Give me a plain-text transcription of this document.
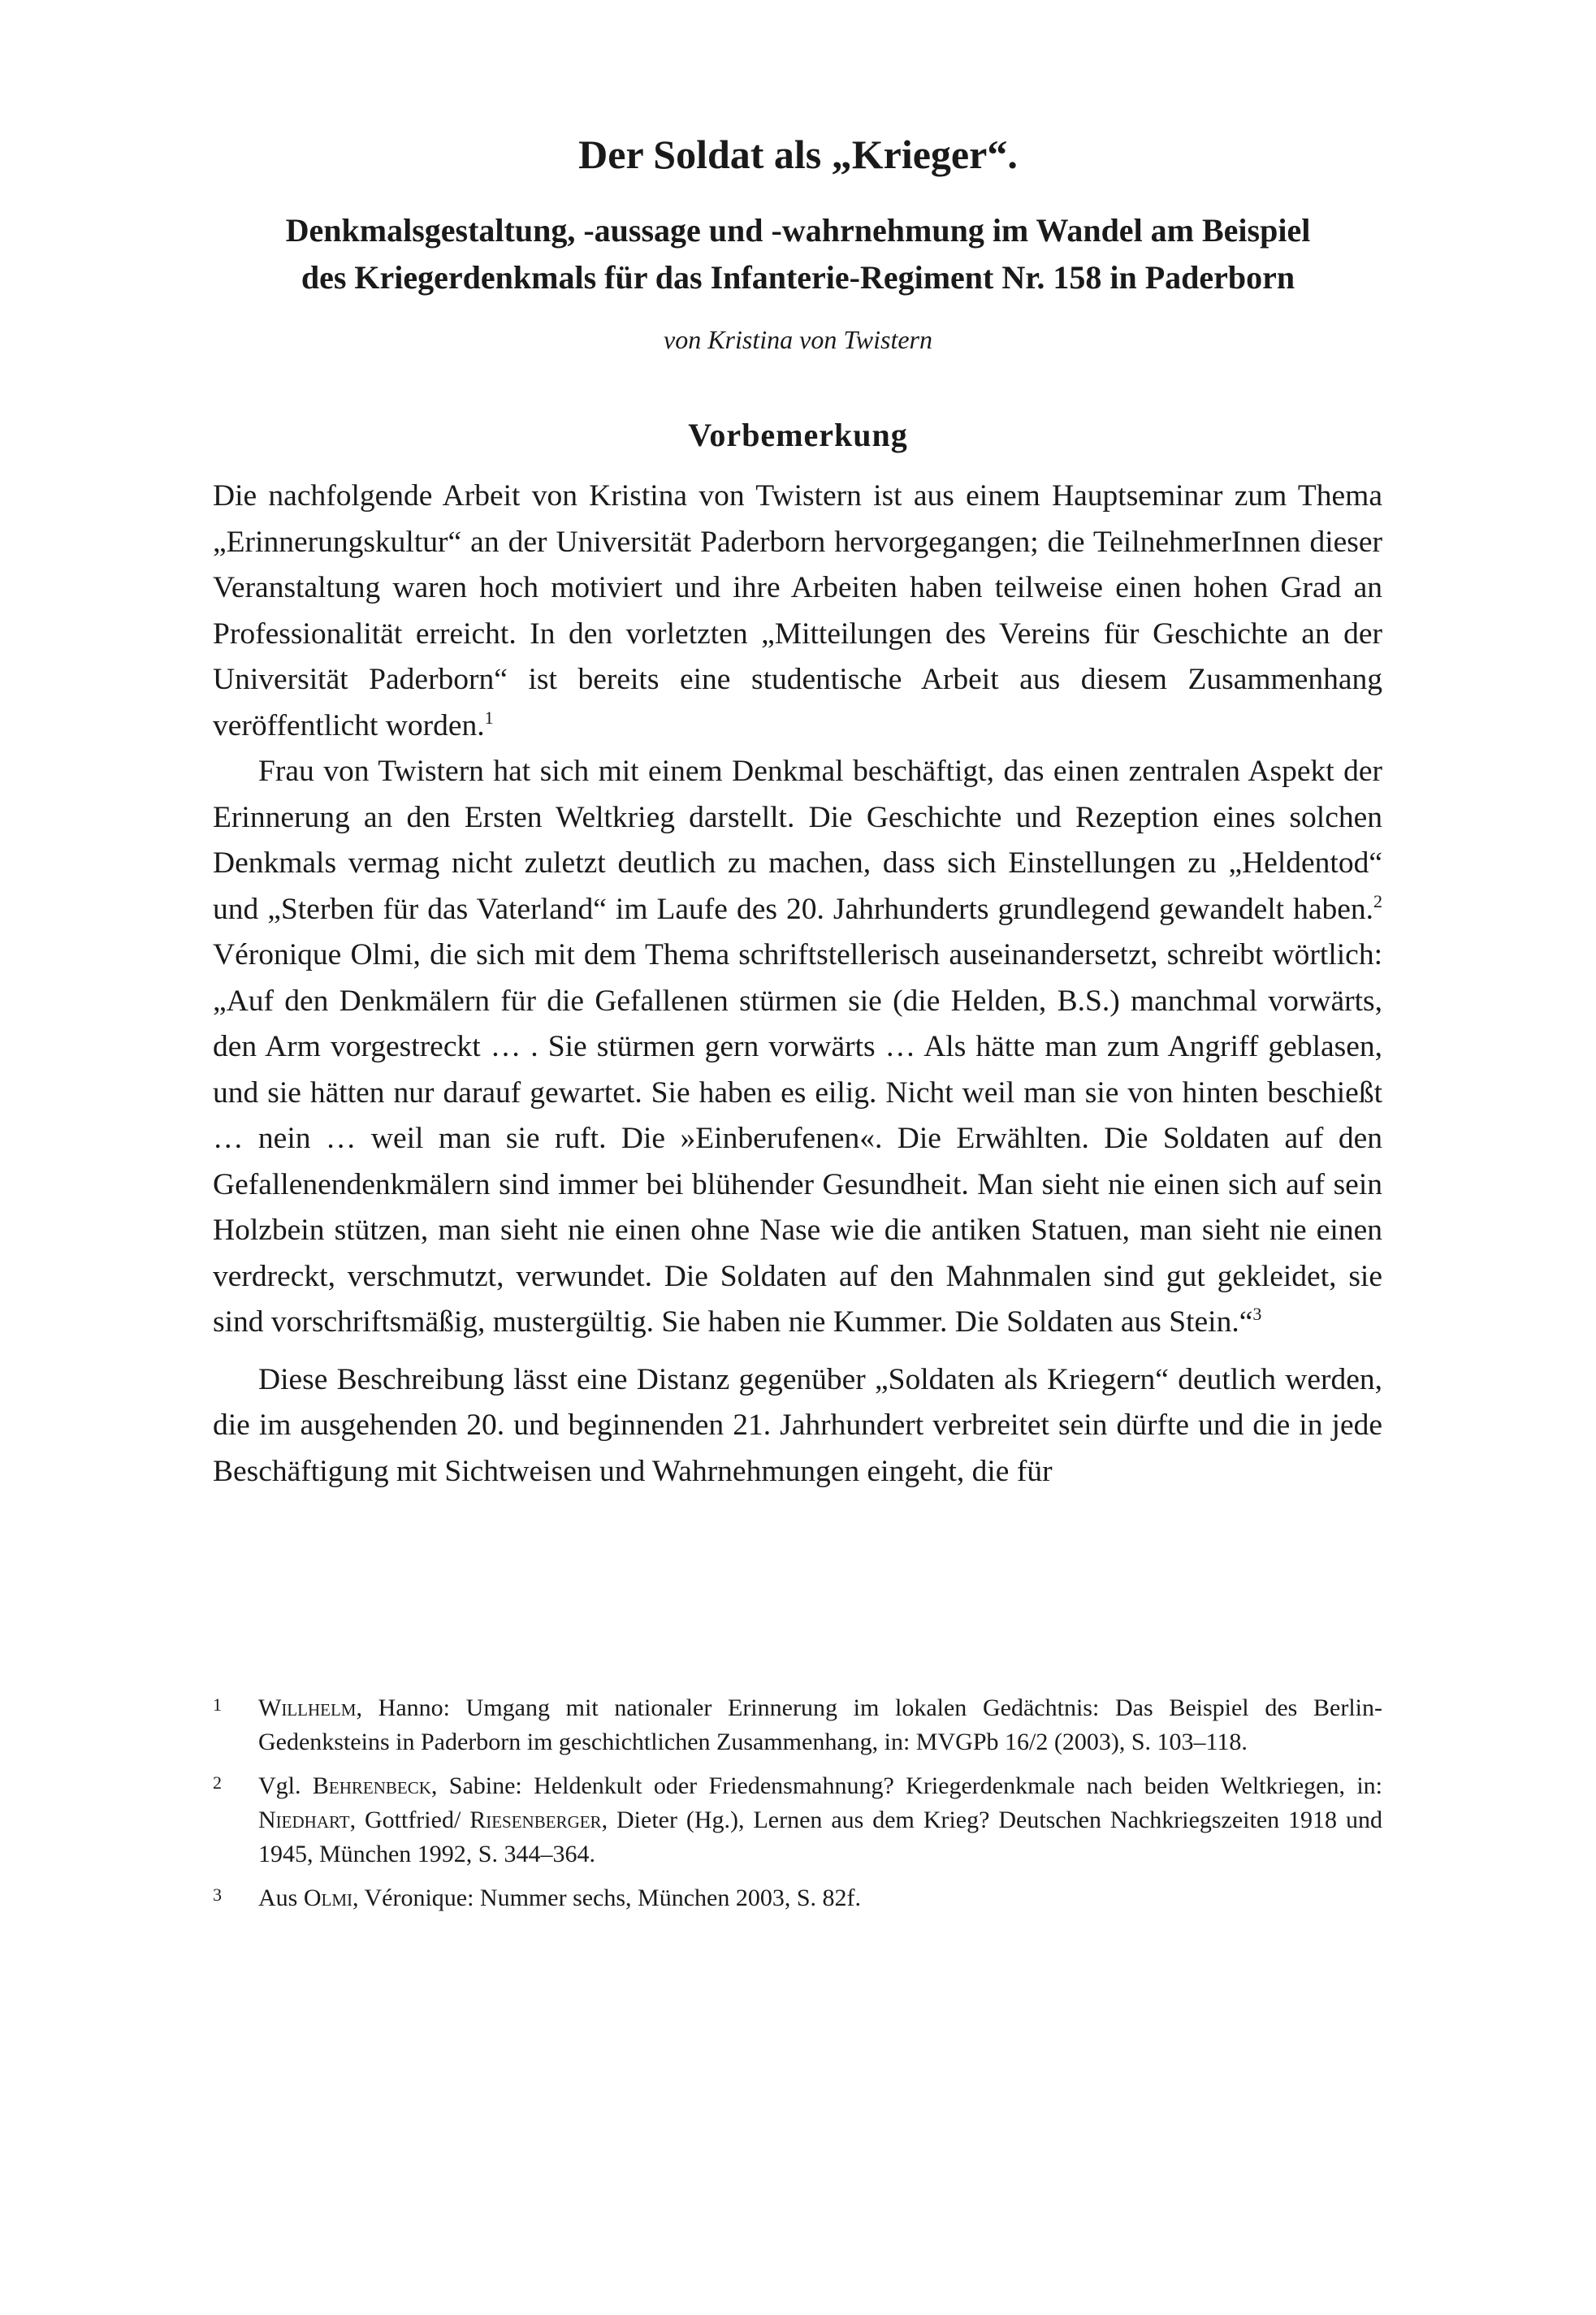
Der Soldat als „Krieger“.
Denkmalsgestaltung, -aussage und -wahrnehmung im Wandel am Beispiel
des Kriegerdenkmals für das Infanterie-Regiment Nr. 158 in Paderborn

von Kristina von Twistern

Vorbemerkung

Die nachfolgende Arbeit von Kristina von Twistern ist aus einem Hauptseminar zum Thema „Erinnerungskultur“ an der Universität Paderborn hervorgegangen; die TeilnehmerInnen dieser Veranstaltung waren hoch motiviert und ihre Arbeiten haben teilweise einen hohen Grad an Professionalität erreicht. In den vorletzten „Mitteilungen des Vereins für Geschichte an der Universität Paderborn“ ist bereits eine studentische Arbeit aus diesem Zusammenhang veröffentlicht worden.$^1$

Frau von Twistern hat sich mit einem Denkmal beschäftigt, das einen zentralen Aspekt der Erinnerung an den Ersten Weltkrieg darstellt. Die Geschichte und Rezeption eines solchen Denkmals vermag nicht zuletzt deutlich zu machen, dass sich Einstellungen zu „Heldentod“ und „Sterben für das Vaterland“ im Laufe des 20. Jahrhunderts grundlegend gewandelt haben.$^2$ Véronique Olmi, die sich mit dem Thema schriftstellerisch auseinandersetzt, schreibt wörtlich: „Auf den Denkmälern für die Gefallenen stürmen sie (die Helden, B.S.) manchmal vorwärts, den Arm vorgestreckt … . Sie stürmen gern vorwärts … Als hätte man zum Angriff geblasen, und sie hätten nur darauf gewartet. Sie haben es eilig. Nicht weil man sie von hinten beschießt … nein … weil man sie ruft. Die »Einberufenen«. Die Erwählten. Die Soldaten auf den Gefallenendenkmälern sind immer bei blühender Gesundheit. Man sieht nie einen sich auf sein Holzbein stützen, man sieht nie einen ohne Nase wie die antiken Statuen, man sieht nie einen verdreckt, verschmutzt, verwundet. Die Soldaten auf den Mahnmalen sind gut gekleidet, sie sind vorschriftsmäßig, mustergültig. Sie haben nie Kummer. Die Soldaten aus Stein.“$^3$

Diese Beschreibung lässt eine Distanz gegenüber „Soldaten als Kriegern“ deutlich werden, die im ausgehenden 20. und beginnenden 21. Jahrhundert verbreitet sein dürfte und die in jede Beschäftigung mit Sichtweisen und Wahrnehmungen eingeht, die für

1 Willhelm, Hanno: Umgang mit nationaler Erinnerung im lokalen Gedächtnis: Das Beispiel des Berlin-Gedenksteins in Paderborn im geschichtlichen Zusammenhang, in: MVGPb 16/2 (2003), S. 103–118.

2 Vgl. Behrenbeck, Sabine: Heldenkult oder Friedensmahnung? Kriegerdenkmale nach beiden Weltkriegen, in: Niedhart, Gottfried/ Riesenberger, Dieter (Hg.), Lernen aus dem Krieg? Deutschen Nachkriegszeiten 1918 und 1945, München 1992, S. 344–364.

3 Aus Olmi, Véronique: Nummer sechs, München 2003, S. 82f.
